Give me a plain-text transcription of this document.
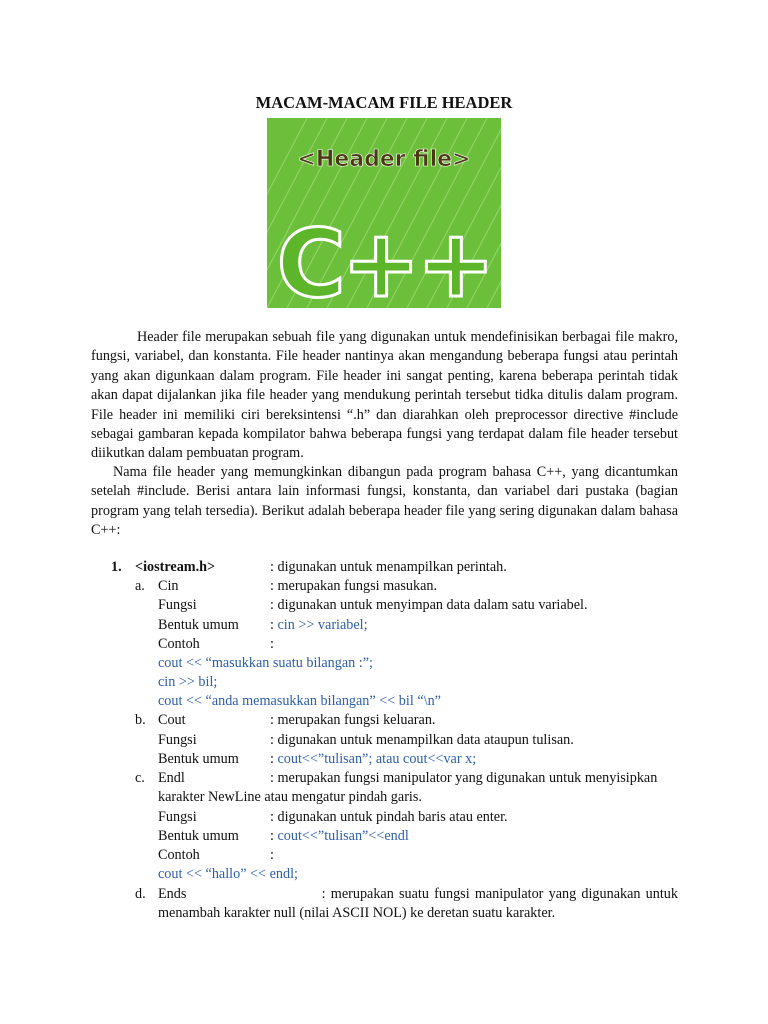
MACAM-MACAM FILE HEADER
<Header file>
C++

Header file merupakan sebuah file yang digunakan untuk mendefinisikan berbagai file makro, fungsi, variabel, dan konstanta. File header nantinya akan mengandung beberapa fungsi atau perintah yang akan digunkaan dalam program. File header ini sangat penting, karena beberapa perintah tidak akan dapat dijalankan jika file header yang mendukung perintah tersebut tidka ditulis dalam program. File header ini memiliki ciri bereksintensi “.h” dan diarahkan oleh preprocessor directive #include sebagai gambaran kepada kompilator bahwa beberapa fungsi yang terdapat dalam file header tersebut diikutkan dalam pembuatan program.

Nama file header yang memungkinkan dibangun pada program bahasa C++, yang dicantumkan setelah #include. Berisi antara lain informasi fungsi, konstanta, dan variabel dari pustaka (bagian program yang telah tersedia). Berikut adalah beberapa header file yang sering digunakan dalam bahasa C++:

1. <iostream.h>	: digunakan untuk menampilkan perintah.
a. Cin	: merupakan fungsi masukan.
Fungsi	: digunakan untuk menyimpan data dalam satu variabel.
Bentuk umum : cin >> variabel;
Contoh	:
cout << “masukkan suatu bilangan :”;
cin >> bil;
cout << “anda memasukkan bilangan” << bil “\n”
b. Cout	: merupakan fungsi keluaran.
Fungsi	: digunakan untuk menampilkan data ataupun tulisan.
Bentuk umum : cout<<”tulisan”; atau cout<<var x;
c. Endl	: merupakan fungsi manipulator yang digunakan untuk menyisipkan
karakter NewLine atau mengatur pindah garis.
Fungsi	: digunakan untuk pindah baris atau enter.
Bentuk umum : cout<<”tulisan”<<endl
Contoh	:
cout << “hallo” << endl;
d. Ends                          : merupakan suatu fungsi manipulator yang digunakan untuk menambah karakter null (nilai ASCII NOL) ke deretan suatu karakter.
